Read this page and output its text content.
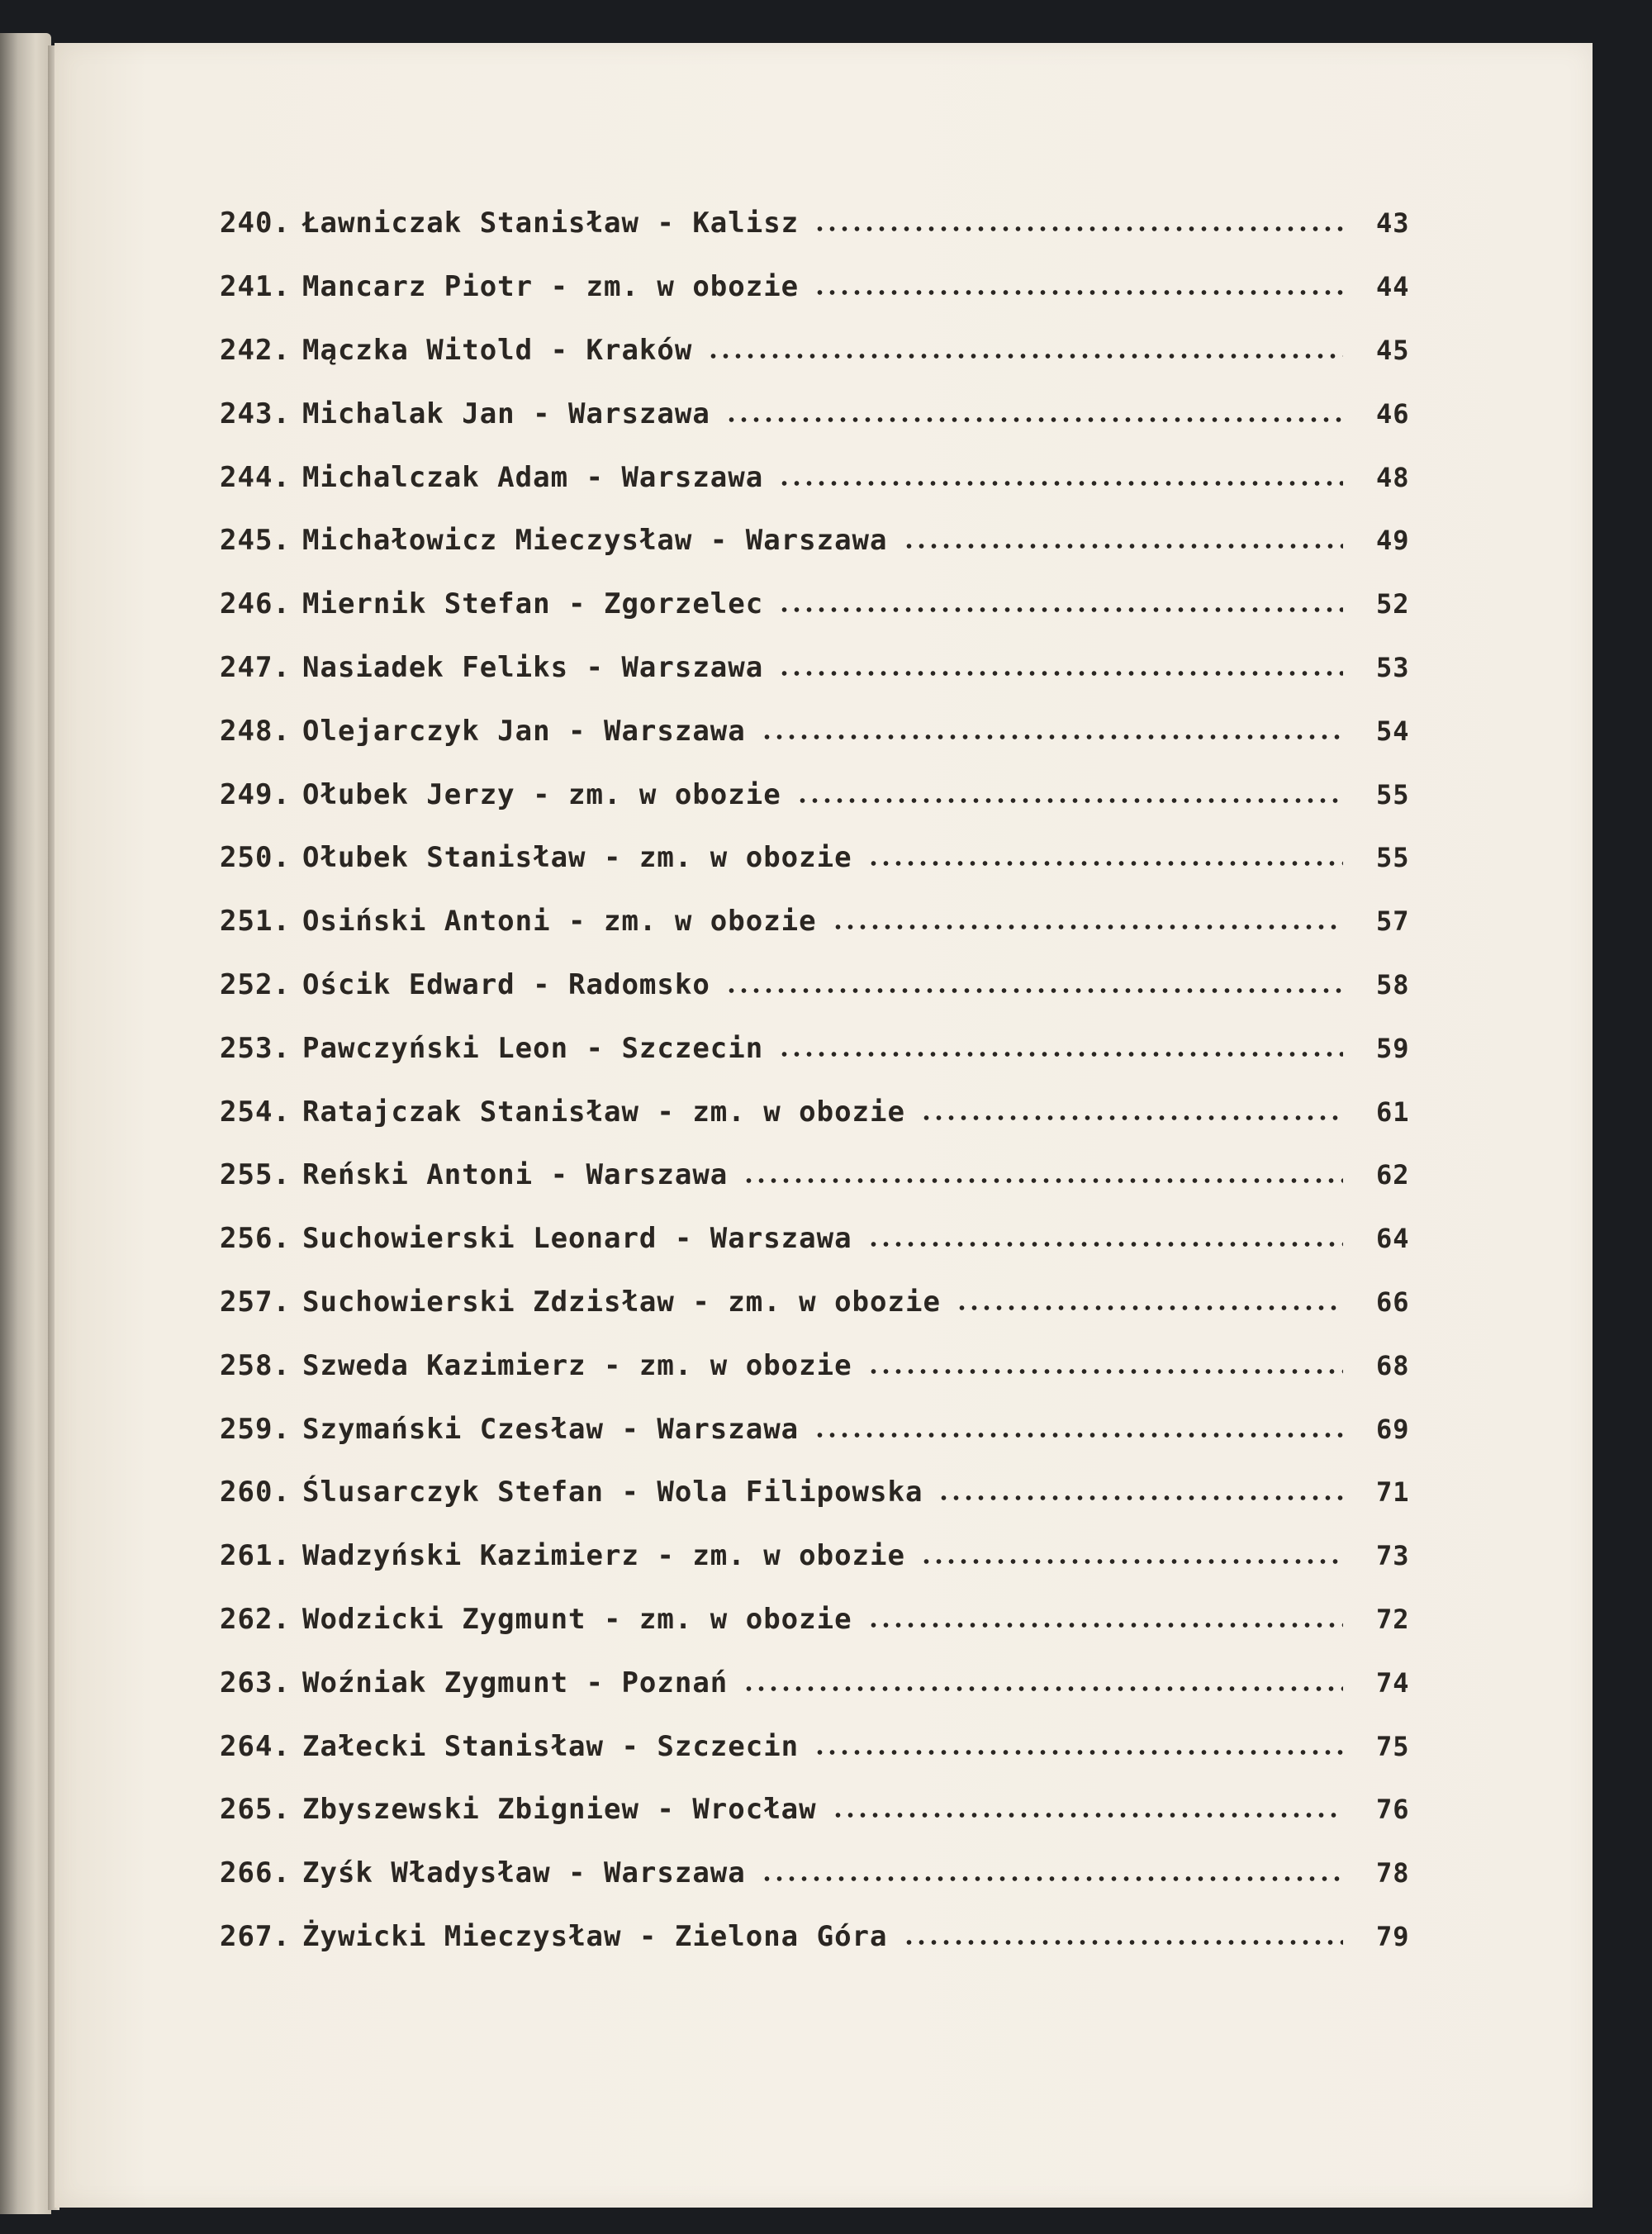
240. Ławniczak Stanisław - Kalisz	43
241. Mancarz Piotr - zm. w obozie	44
242. Mączka Witold - Kraków	45
243. Michalak Jan - Warszawa	46
244. Michalczak Adam - Warszawa	48
245. Michałowicz Mieczysław - Warszawa	49
246. Miernik Stefan - Zgorzelec	52
247. Nasiadek Feliks - Warszawa	53
248. Olejarczyk Jan - Warszawa	54
249. Ołubek Jerzy - zm. w obozie	55
250. Ołubek Stanisław - zm. w obozie	55
251. Osiński Antoni - zm. w obozie	57
252. Ościk Edward - Radomsko	58
253. Pawczyński Leon - Szczecin	59
254. Ratajczak Stanisław - zm. w obozie	61
255. Reński Antoni - Warszawa	62
256. Suchowierski Leonard - Warszawa	64
257. Suchowierski Zdzisław - zm. w obozie	66
258. Szweda Kazimierz - zm. w obozie	68
259. Szymański Czesław - Warszawa	69
260. Ślusarczyk Stefan - Wola Filipowska	71
261. Wadzyński Kazimierz - zm. w obozie	73
262. Wodzicki Zygmunt - zm. w obozie	72
263. Woźniak Zygmunt - Poznań	74
264. Załecki Stanisław - Szczecin	75
265. Zbyszewski Zbigniew - Wrocław	76
266. Zyśk Władysław - Warszawa	78
267. Żywicki Mieczysław - Zielona Góra	79
